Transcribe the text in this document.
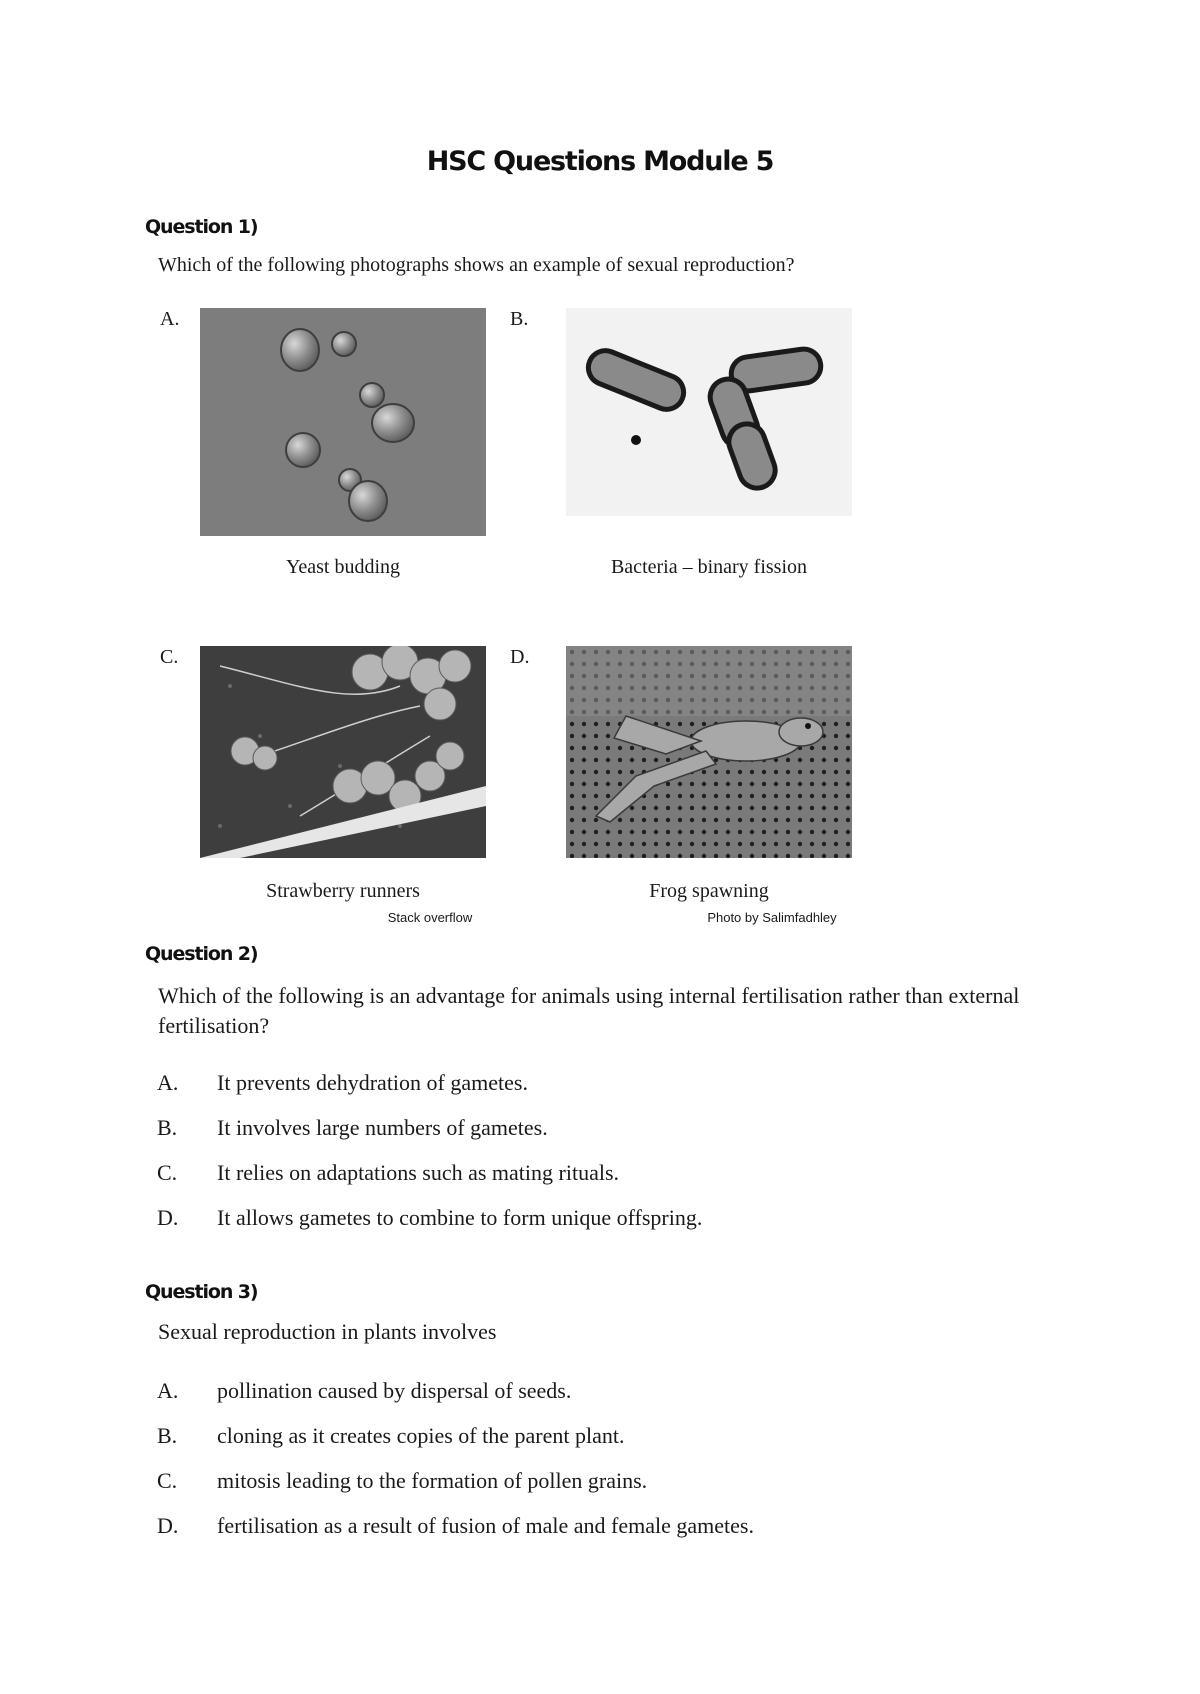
HSC Questions Module 5
Question 1)
Which of the following photographs shows an example of sexual reproduction?
A.
Yeast budding
B.
Bacteria – binary fission
C.
Strawberry runners
Stack overflow
D.
Frog spawning
Photo by Salimfadhley
Question 2)
Which of the following is an advantage for animals using internal fertilisation rather than external fertilisation?
A. It prevents dehydration of gametes.
B. It involves large numbers of gametes.
C. It relies on adaptations such as mating rituals.
D. It allows gametes to combine to form unique offspring.
Question 3)
Sexual reproduction in plants involves
A. pollination caused by dispersal of seeds.
B. cloning as it creates copies of the parent plant.
C. mitosis leading to the formation of pollen grains.
D. fertilisation as a result of fusion of male and female gametes.
